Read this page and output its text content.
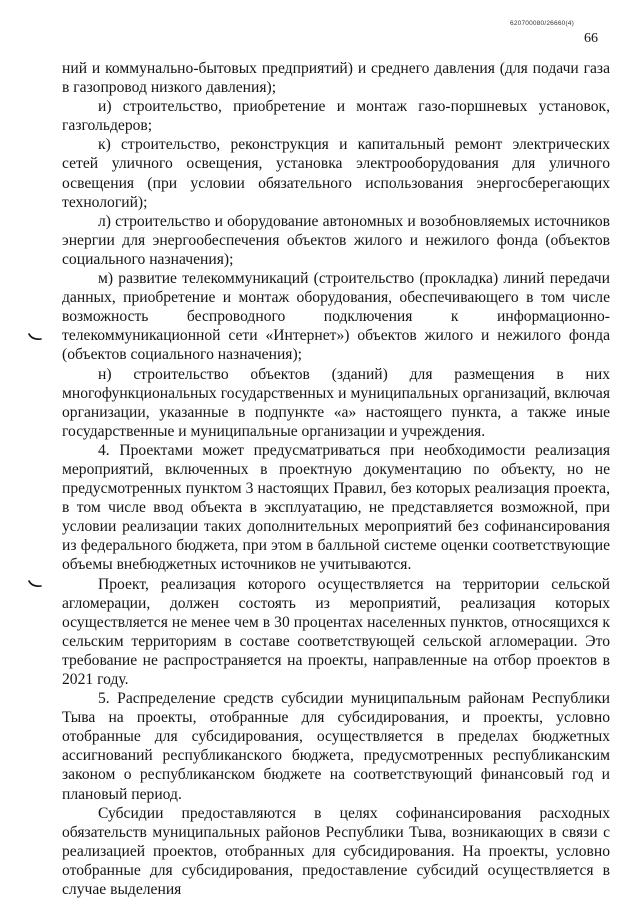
620700080/26660(4)
66

ний и коммунально-бытовых предприятий) и среднего давления (для подачи газа в газопровод низкого давления);

и) строительство, приобретение и монтаж газо-поршневых установок, газгольдеров;

к) строительство, реконструкция и капитальный ремонт электрических сетей уличного освещения, установка электрооборудования для уличного освещения (при условии обязательного использования энергосберегающих технологий);

л) строительство и оборудование автономных и возобновляемых источников энергии для энергообеспечения объектов жилого и нежилого фонда (объектов социального назначения);

м) развитие телекоммуникаций (строительство (прокладка) линий передачи данных, приобретение и монтаж оборудования, обеспечивающего в том числе возможность беспроводного подключения к информационно-телекоммуникационной сети «Интернет») объектов жилого и нежилого фонда (объектов социального назначения);

н) строительство объектов (зданий) для размещения в них многофункциональных государственных и муниципальных организаций, включая организации, указанные в подпункте «а» настоящего пункта, а также иные государственные и муниципальные организации и учреждения.

4. Проектами может предусматриваться при необходимости реализация мероприятий, включенных в проектную документацию по объекту, но не предусмотренных пунктом 3 настоящих Правил, без которых реализация проекта, в том числе ввод объекта в эксплуатацию, не представляется возможной, при условии реализации таких дополнительных мероприятий без софинансирования из федерального бюджета, при этом в балльной системе оценки соответствующие объемы внебюджетных источников не учитываются.

Проект, реализация которого осуществляется на территории сельской агломерации, должен состоять из мероприятий, реализация которых осуществляется не менее чем в 30 процентах населенных пунктов, относящихся к сельским территориям в составе соответствующей сельской агломерации. Это требование не распространяется на проекты, направленные на отбор проектов в 2021 году.

5. Распределение средств субсидии муниципальным районам Республики Тыва на проекты, отобранные для субсидирования, и проекты, условно отобранные для субсидирования, осуществляется в пределах бюджетных ассигнований республиканского бюджета, предусмотренных республиканским законом о республиканском бюджете на соответствующий финансовый год и плановый период.

Субсидии предоставляются в целях софинансирования расходных обязательств муниципальных районов Республики Тыва, возникающих в связи с реализацией проектов, отобранных для субсидирования. На проекты, условно отобранные для субсидирования, предоставление субсидий осуществляется в случае выделения
